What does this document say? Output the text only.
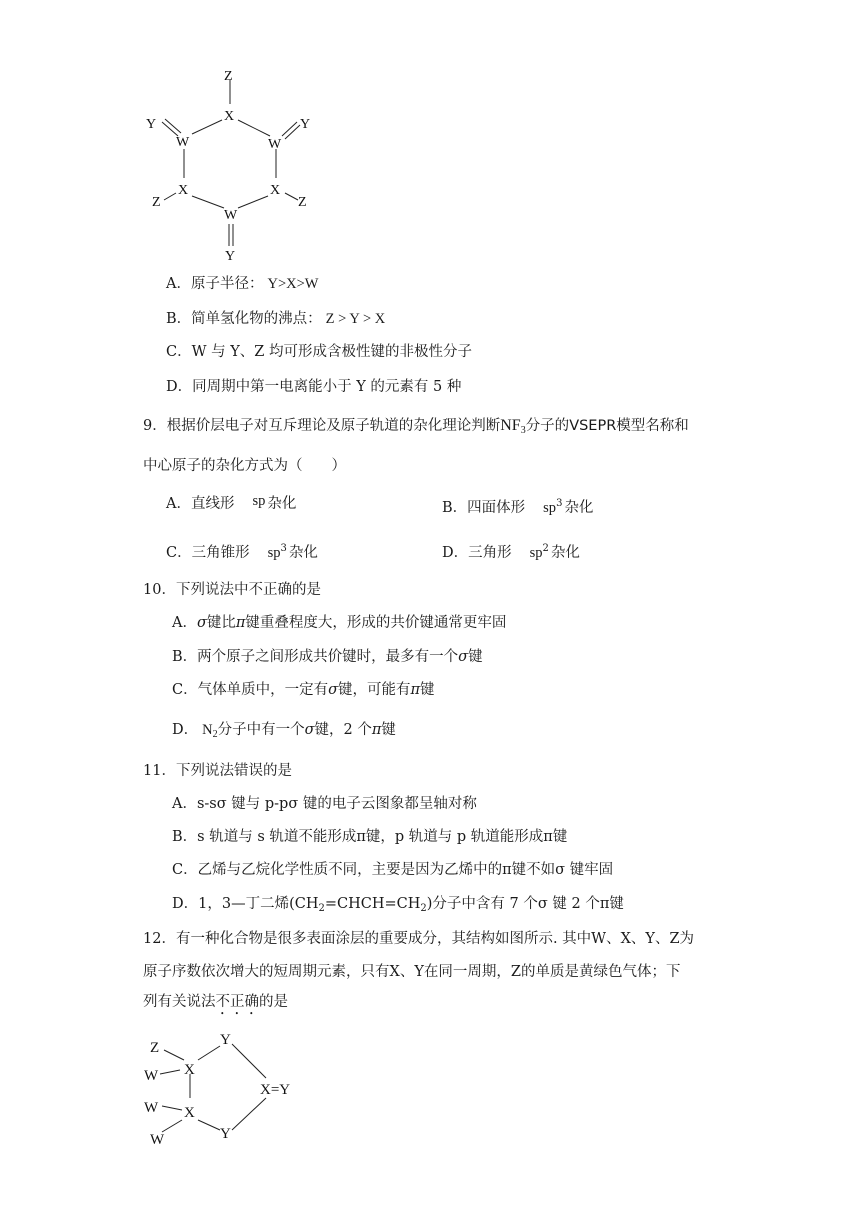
Z
X
Y
W	W
Y
Z
X	X
Z
W
Y
A．原子半径： Y>X>W
B．简单氢化物的沸点： Z > Y > X
C．W 与 Y、Z 均可形成含极性键的非极性分子
D．同周期中第一电离能小于 Y 的元素有 5 种
9．根据价层电子对互斥理论及原子轨道的杂化理论判断$NF_3$分子的VSEPR模型名称和
中心原子的杂化方式为（　　）
A．直线形 sp 杂化	B．四面体形 $sp^3$ 杂化
C．三角锥形 $sp^3$ 杂化	D．三角形 $sp^2$ 杂化
10．下列说法中不正确的是
A．σ键比π键重叠程度大，形成的共价键通常更牢固
B．两个原子之间形成共价键时，最多有一个σ键
C．气体单质中，一定有σ键，可能有π键
D． $N_2$分子中有一个σ键，2 个π键
11．下列说法错误的是
A．s-sσ 键与 p-pσ 键的电子云图象都呈轴对称
B．s 轨道与 s 轨道不能形成π键，p 轨道与 p 轨道能形成π键
C．乙烯与乙烷化学性质不同，主要是因为乙烯中的π键不如σ 键牢固
D．1，3—丁二烯$(CH_2=CHCH=CH_2)$分子中含有 7 个σ 键 2 个π键
12．有一种化合物是很多表面涂层的重要成分，其结构如图所示. 其中W、X、Y、Z为
原子序数依次增大的短周期元素，只有X、Y在同一周期，Z的单质是黄绿色气体；下
列有关说法不正确的是
Z
W X
Y
W X
X=Y
W	Y
